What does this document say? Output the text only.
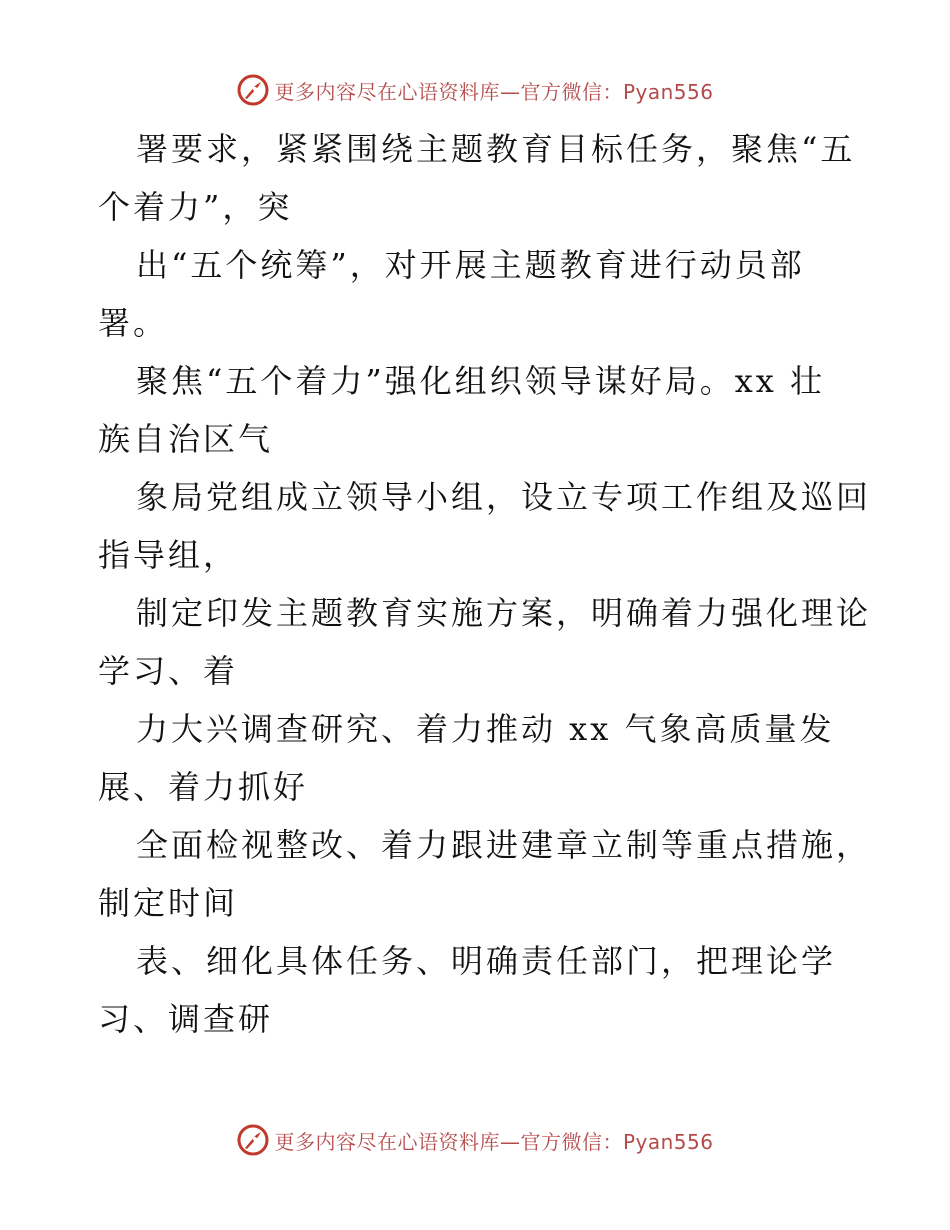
更多内容尽在心语资料库—官方微信：Pyan556
署要求，紧紧围绕主题教育目标任务，聚焦“五
个着力”，突
出“五个统筹”，对开展主题教育进行动员部
署。
聚焦“五个着力”强化组织领导谋好局。xx 壮
族自治区气
象局党组成立领导小组，设立专项工作组及巡回
指导组，
制定印发主题教育实施方案，明确着力强化理论
学习、着
力大兴调查研究、着力推动 xx 气象高质量发
展、着力抓好
全面检视整改、着力跟进建章立制等重点措施，
制定时间
表、细化具体任务、明确责任部门，把理论学
习、调查研
更多内容尽在心语资料库—官方微信：Pyan556
